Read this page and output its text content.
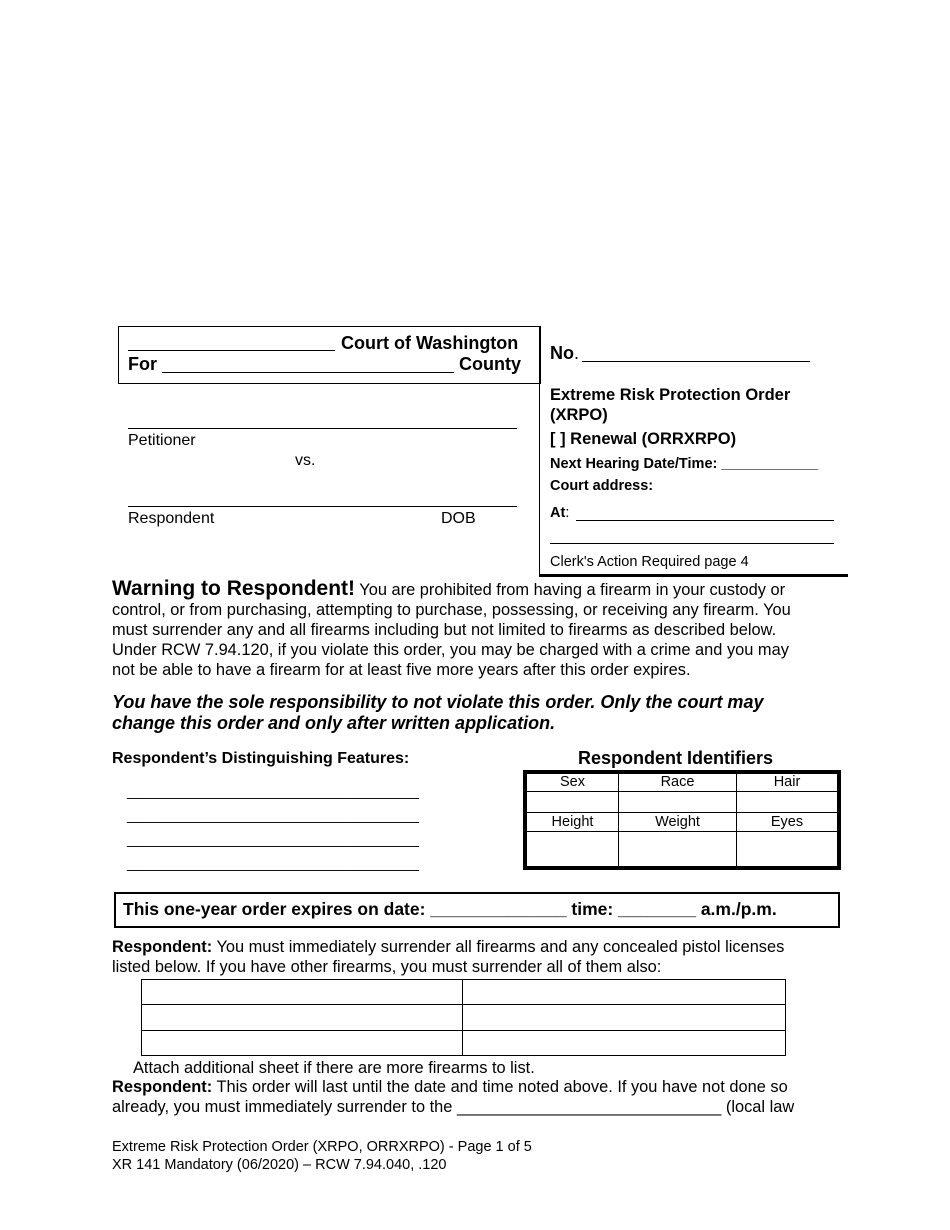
Court of Washington
For	County
Petitioner
vs.
Respondent	DOB
No.
Extreme Risk Protection Order (XRPO)
[ ] Renewal (ORRXRPO)
Next Hearing Date/Time: ____________
Court address:
At:
Clerk's Action Required page 4
Warning to Respondent! You are prohibited from having a firearm in your custody or
control, or from purchasing, attempting to purchase, possessing, or receiving any firearm. You
must surrender any and all firearms including but not limited to firearms as described below.
Under RCW 7.94.120, if you violate this order, you may be charged with a crime and you may
not be able to have a firearm for at least five more years after this order expires.
You have the sole responsibility to not violate this order. Only the court may
change this order and only after written application.
Respondent’s Distinguishing Features:
___________________________________
___________________________________
___________________________________
___________________________________
Respondent Identifiers
Sex	Race	Hair

Height	Weight	Eyes

This one-year order expires on date: ______________ time: ________ a.m./p.m.
Respondent: You must immediately surrender all firearms and any concealed pistol licenses
listed below. If you have other firearms, you must surrender all of them also:

Attach additional sheet if there are more firearms to list.
Respondent: This order will last until the date and time noted above. If you have not done so
already, you must immediately surrender to the _____________________________ (local law
Extreme Risk Protection Order (XRPO, ORRXRPO) - Page 1 of 5
XR 141 Mandatory (06/2020) – RCW 7.94.040, .120
